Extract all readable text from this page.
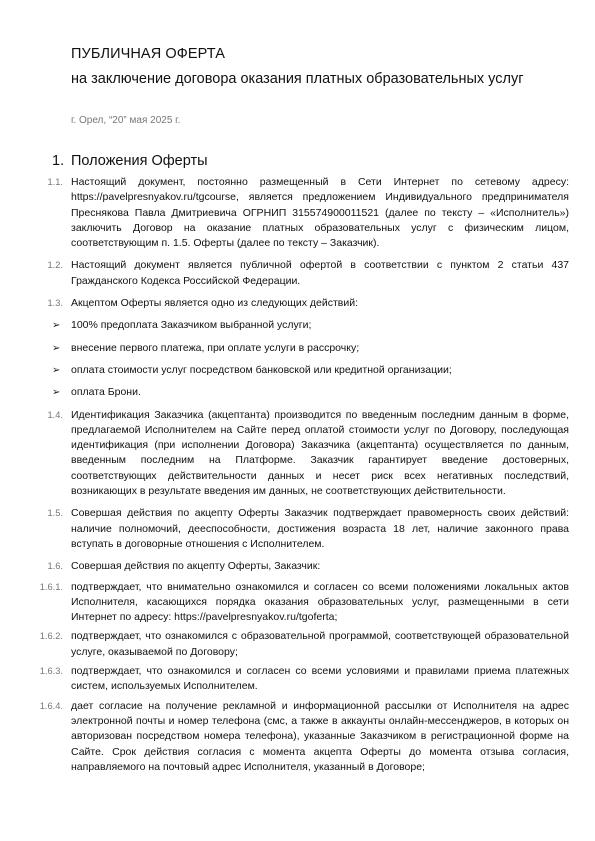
ПУБЛИЧНАЯ ОФЕРТА
на заключение договора оказания платных образовательных услуг
г. Орел, “20” мая 2025 г.
1. Положения Оферты
1.1. Настоящий документ, постоянно размещенный в Сети Интернет по сетевому адресу: https://pavelpresnyakov.ru/tgcourse, является предложением Индивидуального предпринимателя Преснякова Павла Дмитриевича ОГРНИП 315574900011521 (далее по тексту – «Исполнитель») заключить Договор на оказание платных образовательных услуг с физическим лицом, соответствующим п. 1.5. Оферты (далее по тексту – Заказчик).
1.2. Настоящий документ является публичной офертой в соответствии с пунктом 2 статьи 437 Гражданского Кодекса Российской Федерации.
1.3. Акцептом Оферты является одно из следующих действий:
➢ 100% предоплата Заказчиком выбранной услуги;
➢ внесение первого платежа, при оплате услуги в рассрочку;
➢ оплата стоимости услуг посредством банковской или кредитной организации;
➢ оплата Брони.
1.4. Идентификация Заказчика (акцептанта) производится по введенным последним данным в форме, предлагаемой Исполнителем на Сайте перед оплатой стоимости услуг по Договору, последующая идентификация (при исполнении Договора) Заказчика (акцептанта) осуществляется по данным, введенным последним на Платформе. Заказчик гарантирует введение достоверных, соответствующих действительности данных и несет риск всех негативных последствий, возникающих в результате введения им данных, не соответствующих действительности.
1.5. Совершая действия по акцепту Оферты Заказчик подтверждает правомерность своих действий: наличие полномочий, дееспособности, достижения возраста 18 лет, наличие законного права вступать в договорные отношения с Исполнителем.
1.6. Совершая действия по акцепту Оферты, Заказчик:
1.6.1. подтверждает, что внимательно ознакомился и согласен со всеми положениями локальных актов Исполнителя, касающихся порядка оказания образовательных услуг, размещенными в сети Интернет по адресу: https://pavelpresnyakov.ru/tgoferta;
1.6.2. подтверждает, что ознакомился с образовательной программой, соответствующей образовательной услуге, оказываемой по Договору;
1.6.3. подтверждает, что ознакомился и согласен со всеми условиями и правилами приема платежных систем, используемых Исполнителем.
1.6.4. дает согласие на получение рекламной и информационной рассылки от Исполнителя на адрес электронной почты и номер телефона (смс, а также в аккаунты онлайн-мессенджеров, в которых он авторизован посредством номера телефона), указанные Заказчиком в регистрационной форме на Сайте. Срок действия согласия с момента акцепта Оферты до момента отзыва согласия, направляемого на почтовый адрес Исполнителя, указанный в Договоре;
